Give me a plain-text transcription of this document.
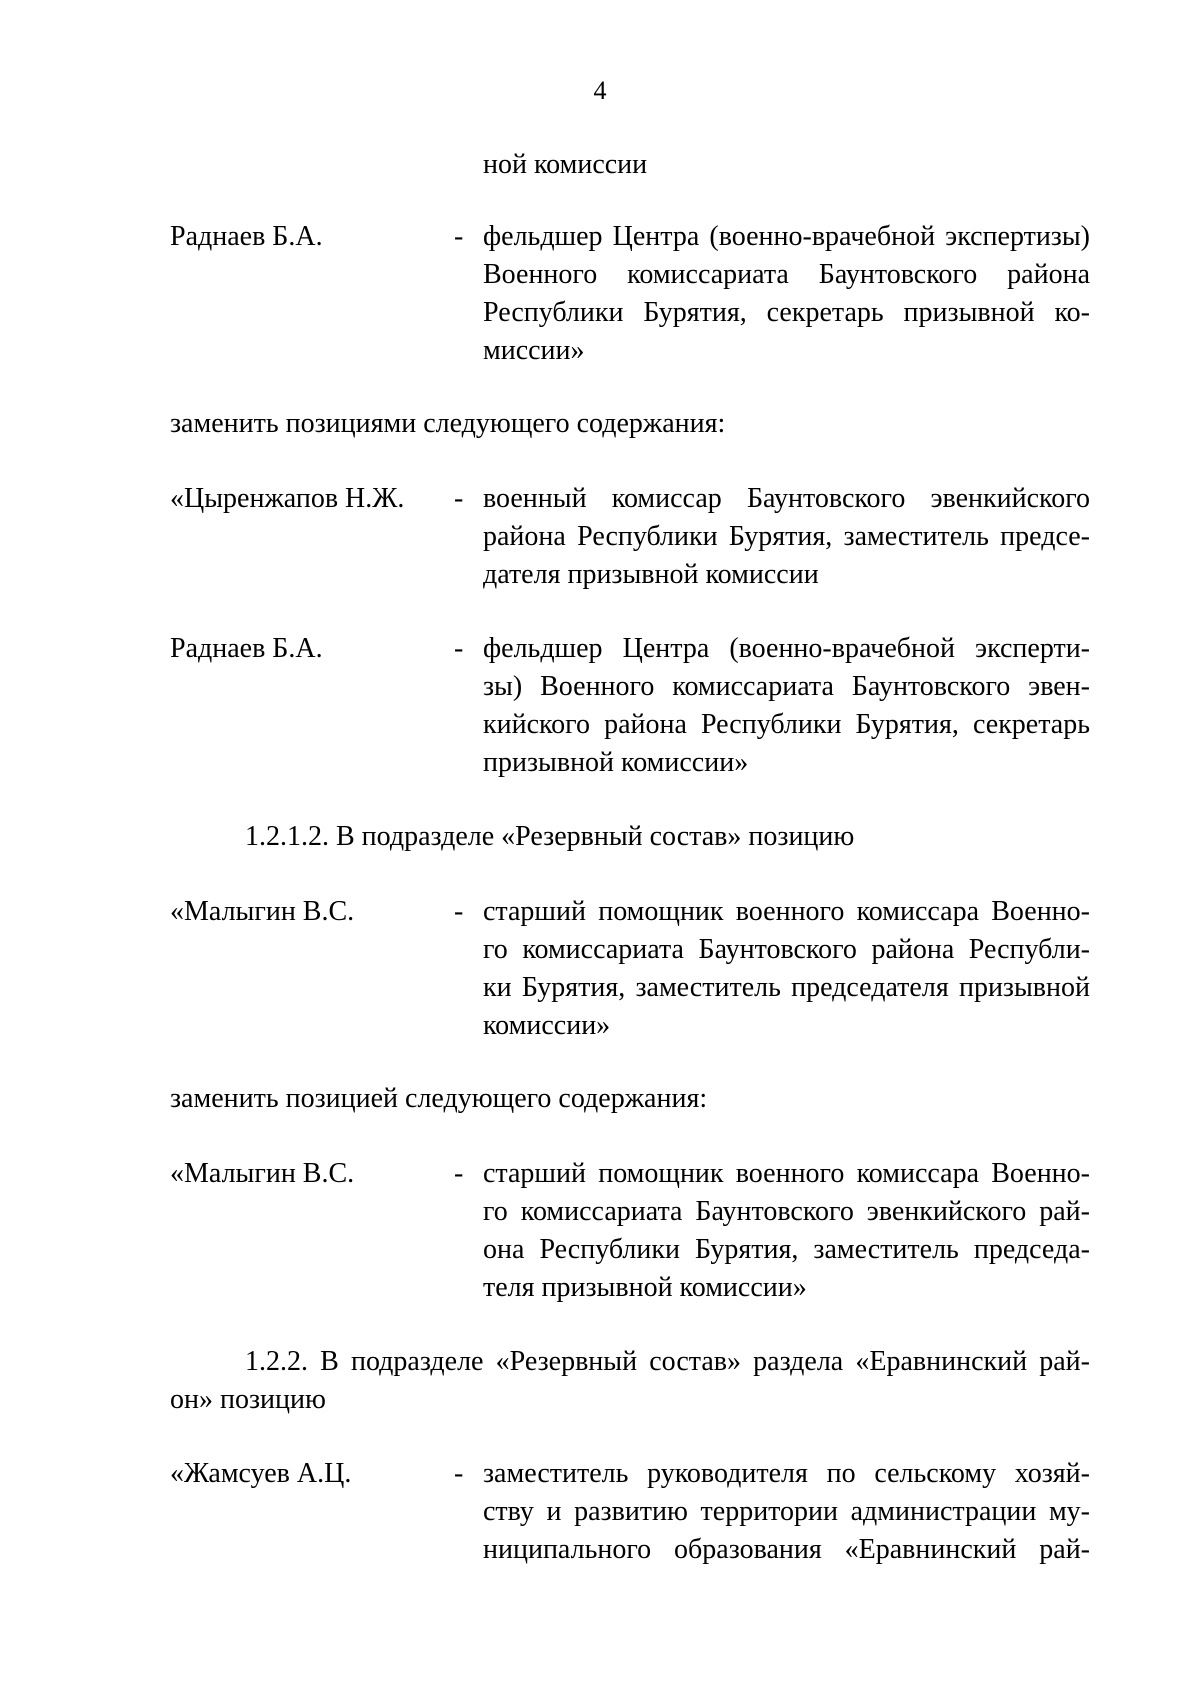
4
ной комиссии
Раднаев Б.А.	- фельдшер Центра (военно-врачебной экспертизы)
Военного комиссариата Баунтовского района
Республики Бурятия, секретарь призывной ко-
миссии»
заменить позициями следующего содержания:
«Цыренжапов Н.Ж. - военный комиссар Баунтовского эвенкийского
района Республики Бурятия, заместитель предсе-
дателя призывной комиссии
Раднаев Б.А.	- фельдшер Центра (военно-врачебной эксперти-
зы) Военного комиссариата Баунтовского эвен-
кийского района Республики Бурятия, секретарь
призывной комиссии»
1.2.1.2. В подразделе «Резервный состав» позицию
«Малыгин В.С.	- старший помощник военного комиссара Военно-
го комиссариата Баунтовского района Республи-
ки Бурятия, заместитель председателя призывной
комиссии»
заменить позицией следующего содержания:
«Малыгин В.С.	- старший помощник военного комиссара Военно-
го комиссариата Баунтовского эвенкийского рай-
она Республики Бурятия, заместитель председа-
теля призывной комиссии»
1.2.2. В подразделе «Резервный состав» раздела «Еравнинский рай-
он» позицию
«Жамсуев А.Ц.	- заместитель руководителя по сельскому хозяй-
ству и развитию территории администрации му-
ниципального образования «Еравнинский рай-
